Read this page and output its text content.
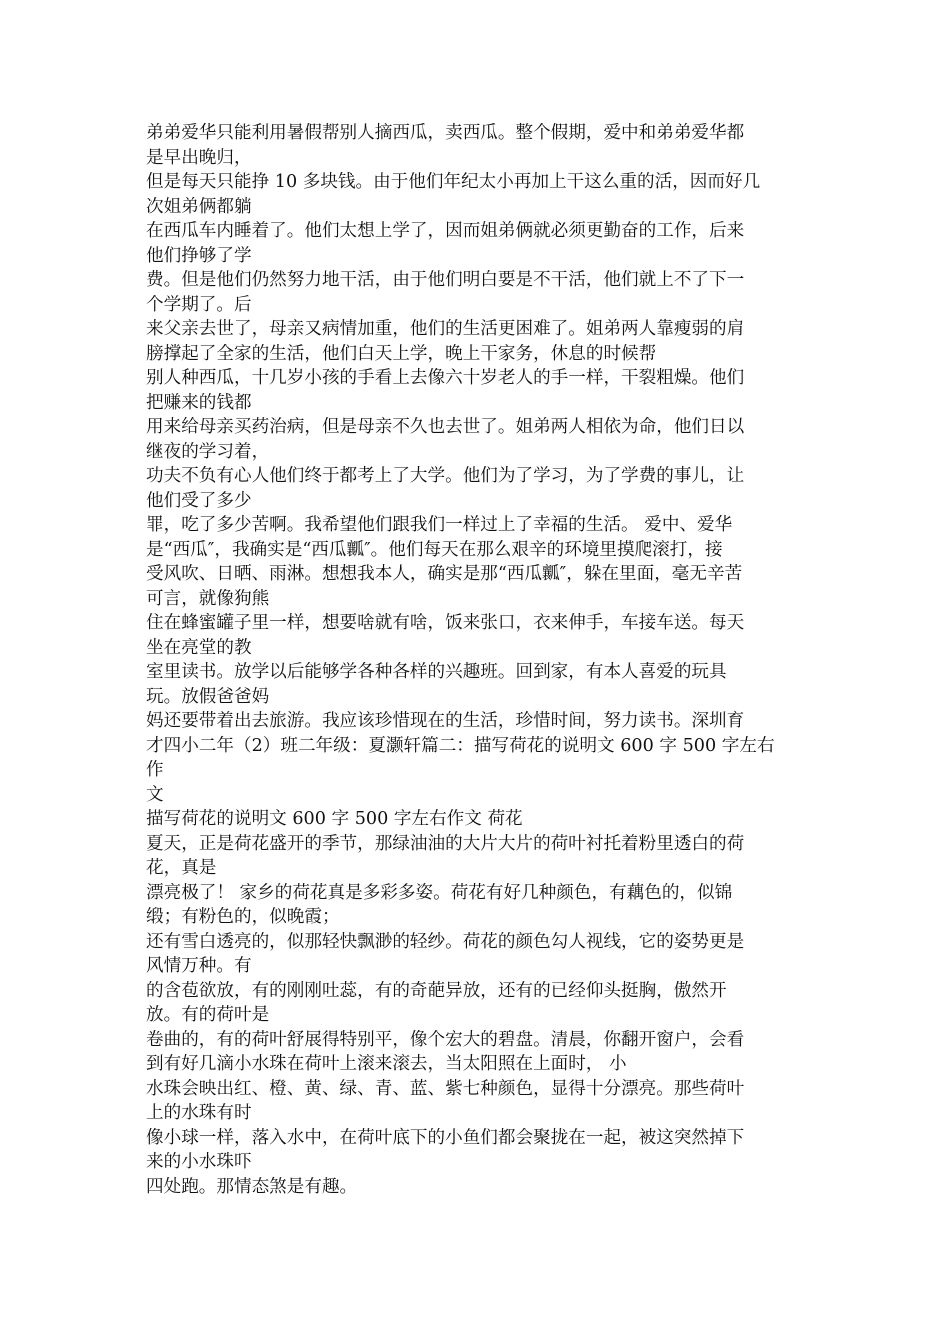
弟弟爱华只能利用暑假帮别人摘西瓜，卖西瓜。整个假期，爱中和弟弟爱华都
是早出晚归，
但是每天只能挣 10 多块钱。由于他们年纪太小再加上干这么重的活，因而好几
次姐弟俩都躺
在西瓜车内睡着了。他们太想上学了，因而姐弟俩就必须更勤奋的工作，后来
他们挣够了学
费。但是他们仍然努力地干活，由于他们明白要是不干活，他们就上不了下一
个学期了。后
来父亲去世了，母亲又病情加重，他们的生活更困难了。姐弟两人靠瘦弱的肩
膀撑起了全家的生活，他们白天上学，晚上干家务，休息的时候帮
别人种西瓜，十几岁小孩的手看上去像六十岁老人的手一样，干裂粗燥。他们
把赚来的钱都
用来给母亲买药治病，但是母亲不久也去世了。姐弟两人相依为命，他们日以
继夜的学习着，
功夫不负有心人他们终于都考上了大学。他们为了学习，为了学费的事儿，让
他们受了多少
罪，吃了多少苦啊。我希望他们跟我们一样过上了幸福的生活。 爱中、爱华
是“西瓜″，我确实是“西瓜瓤″。他们每天在那么艰辛的环境里摸爬滚打，接
受风吹、日晒、雨淋。想想我本人，确实是那“西瓜瓤″，躲在里面，毫无辛苦
可言，就像狗熊
住在蜂蜜罐子里一样，想要啥就有啥，饭来张口，衣来伸手，车接车送。每天
坐在亮堂的教
室里读书。放学以后能够学各种各样的兴趣班。回到家，有本人喜爱的玩具
玩。放假爸爸妈
妈还要带着出去旅游。我应该珍惜现在的生活，珍惜时间，努力读书。深圳育
才四小二年（2）班二年级：夏灏轩篇二：描写荷花的说明文 600 字 500 字左右
作
文
描写荷花的说明文 600 字 500 字左右作文 荷花
夏天，正是荷花盛开的季节，那绿油油的大片大片的荷叶衬托着粉里透白的荷
花，真是
漂亮极了！ 家乡的荷花真是多彩多姿。荷花有好几种颜色，有藕色的，似锦
缎；有粉色的，似晚霞；
还有雪白透亮的，似那轻快飘渺的轻纱。荷花的颜色勾人视线，它的姿势更是
风情万种。有
的含苞欲放，有的刚刚吐蕊，有的奇葩异放，还有的已经仰头挺胸，傲然开
放。有的荷叶是
卷曲的，有的荷叶舒展得特别平，像个宏大的碧盘。清晨，你翻开窗户，会看
到有好几滴小水珠在荷叶上滚来滚去，当太阳照在上面时， 小
水珠会映出红、橙、黄、绿、青、蓝、紫七种颜色，显得十分漂亮。那些荷叶
上的水珠有时
像小球一样，落入水中，在荷叶底下的小鱼们都会聚拢在一起，被这突然掉下
来的小水珠吓
四处跑。那情态煞是有趣。
